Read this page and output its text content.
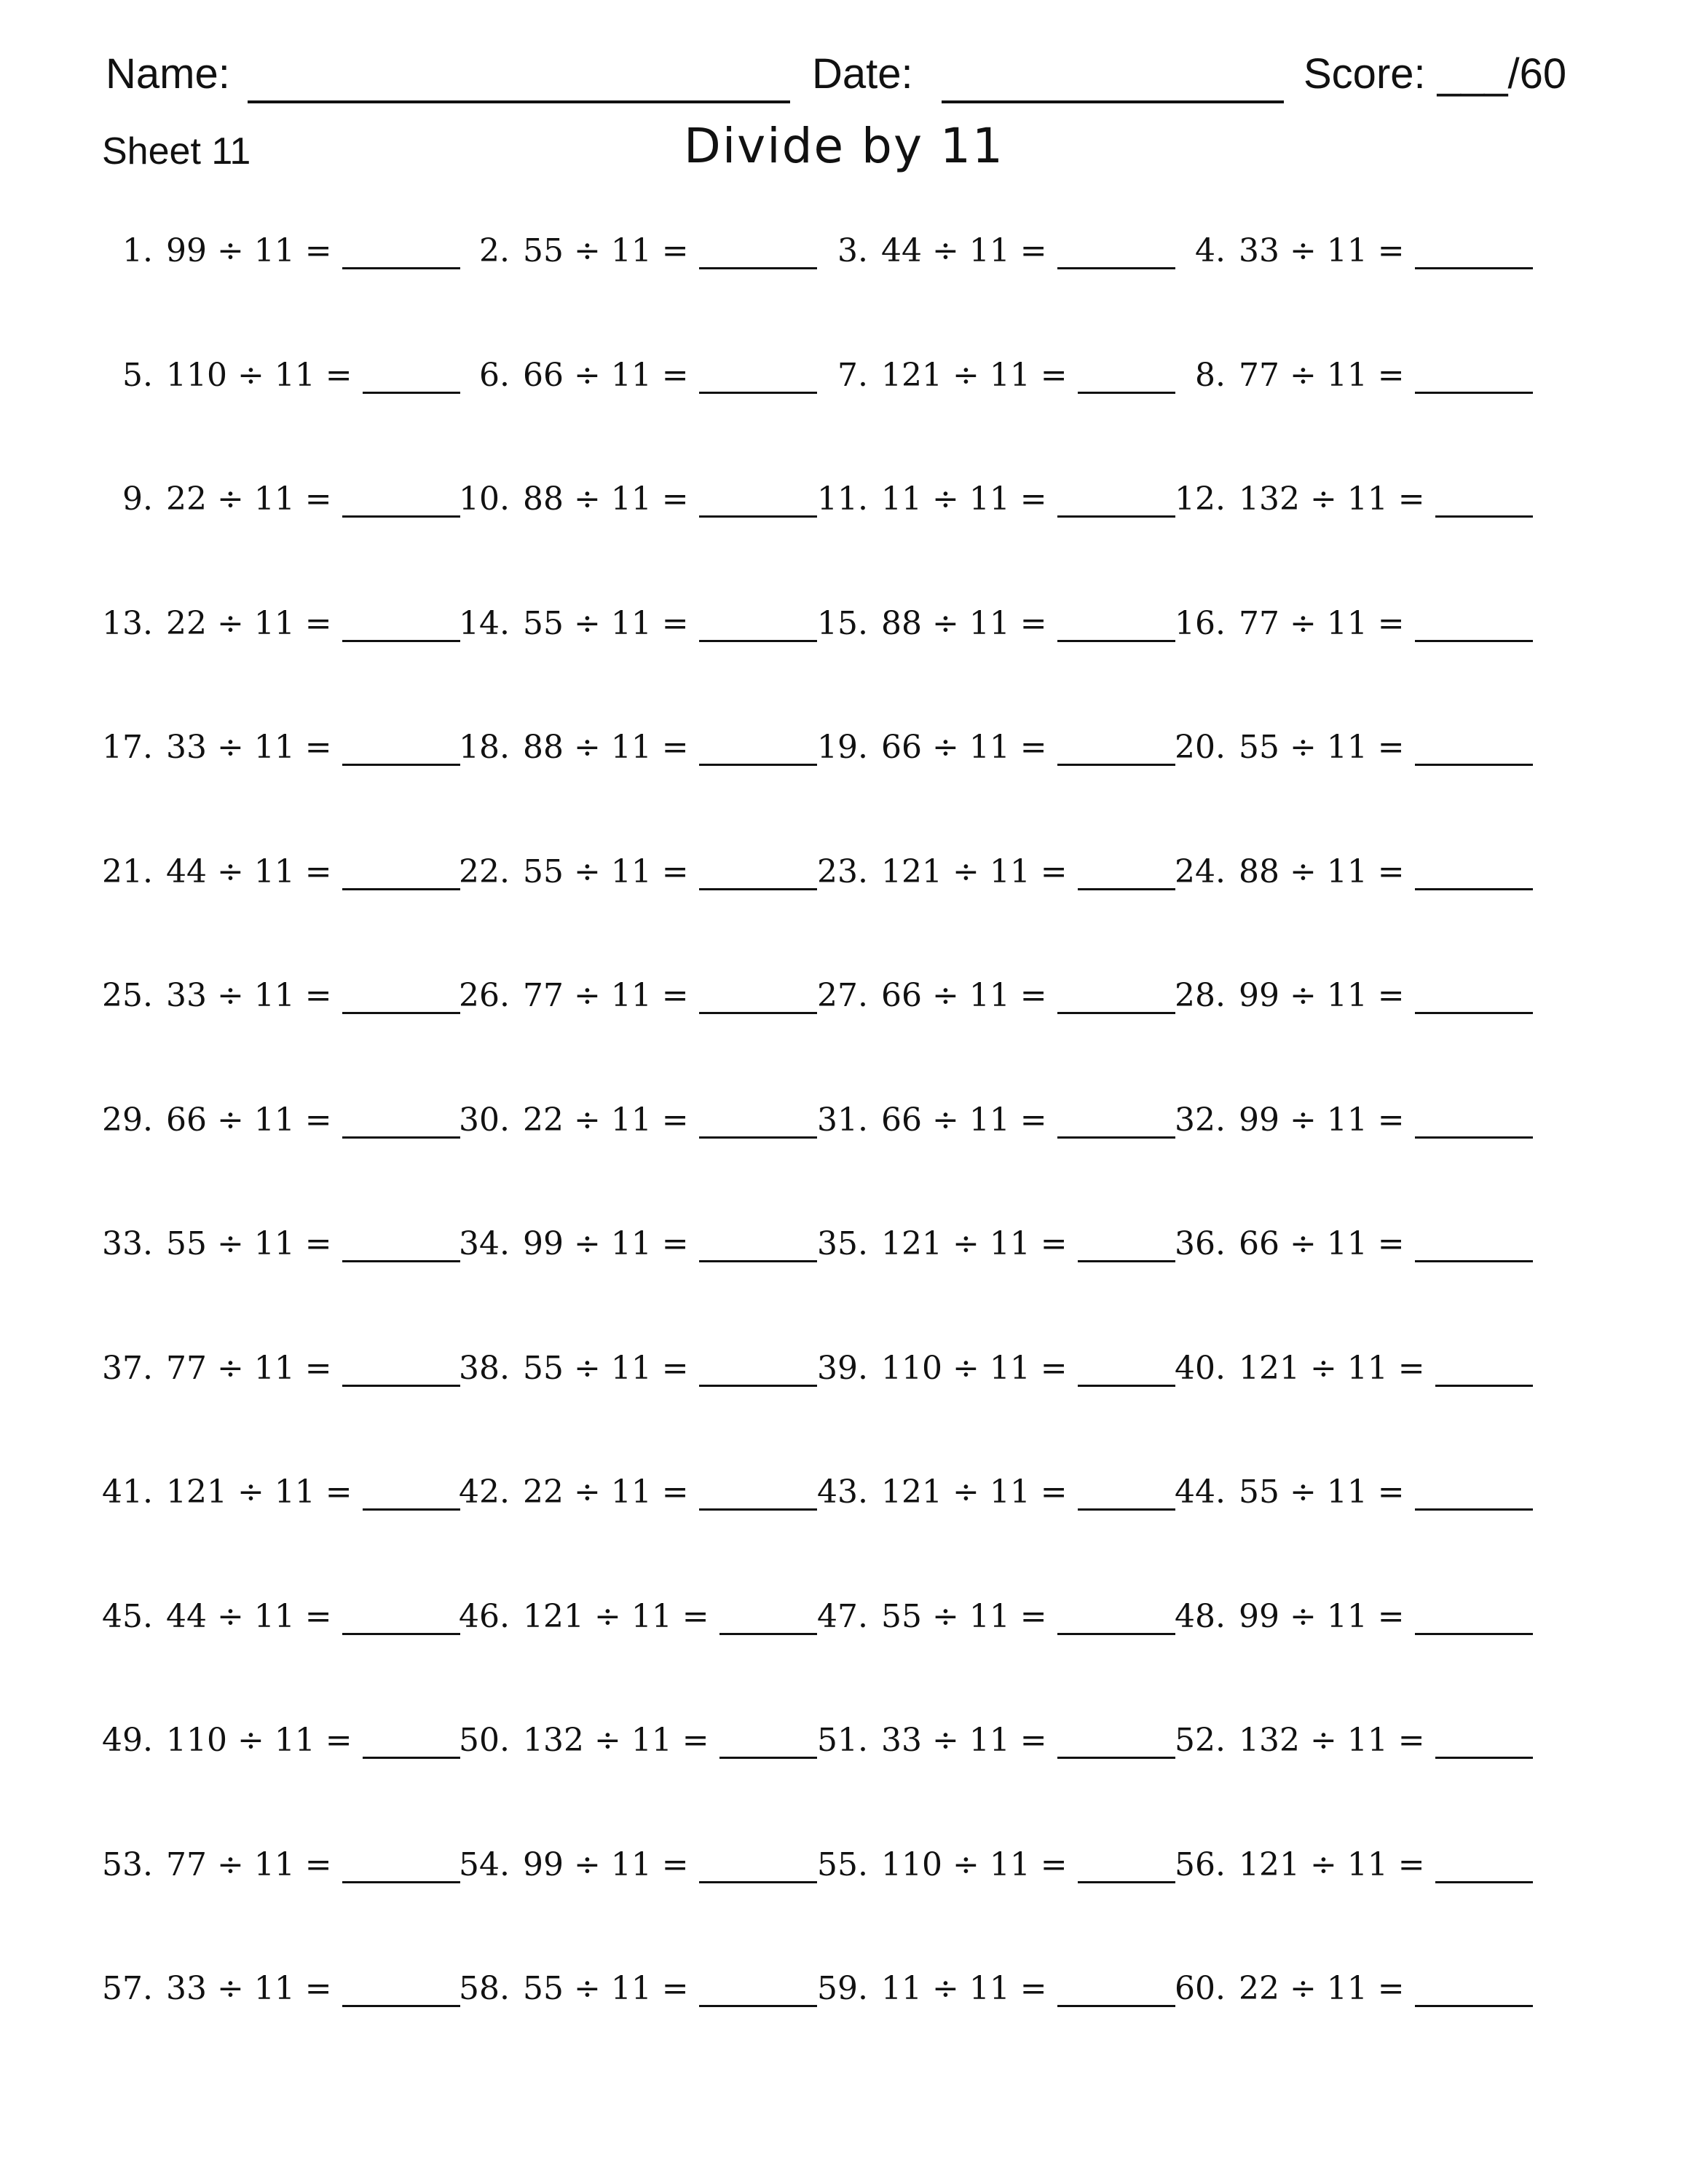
Name:	Date:	Score: ___/60
Sheet 11	Divide by 11
1. 99 ÷ 11 =	2. 55 ÷ 11 =	3. 44 ÷ 11 =	4. 33 ÷ 11 =
5. 110 ÷ 11 =	6. 66 ÷ 11 =	7. 121 ÷ 11 =	8. 77 ÷ 11 =
9. 22 ÷ 11 =	10. 88 ÷ 11 =	11. 11 ÷ 11 =	12. 132 ÷ 11 =
13. 22 ÷ 11 =	14. 55 ÷ 11 =	15. 88 ÷ 11 =	16. 77 ÷ 11 =
17. 33 ÷ 11 =	18. 88 ÷ 11 =	19. 66 ÷ 11 =	20. 55 ÷ 11 =
21. 44 ÷ 11 =	22. 55 ÷ 11 =	23. 121 ÷ 11 =	24. 88 ÷ 11 =
25. 33 ÷ 11 =	26. 77 ÷ 11 =	27. 66 ÷ 11 =	28. 99 ÷ 11 =
29. 66 ÷ 11 =	30. 22 ÷ 11 =	31. 66 ÷ 11 =	32. 99 ÷ 11 =
33. 55 ÷ 11 =	34. 99 ÷ 11 =	35. 121 ÷ 11 =	36. 66 ÷ 11 =
37. 77 ÷ 11 =	38. 55 ÷ 11 =	39. 110 ÷ 11 =	40. 121 ÷ 11 =
41. 121 ÷ 11 =	42. 22 ÷ 11 =	43. 121 ÷ 11 =	44. 55 ÷ 11 =
45. 44 ÷ 11 =	46. 121 ÷ 11 =	47. 55 ÷ 11 =	48. 99 ÷ 11 =
49. 110 ÷ 11 =	50. 132 ÷ 11 =	51. 33 ÷ 11 =	52. 132 ÷ 11 =
53. 77 ÷ 11 =	54. 99 ÷ 11 =	55. 110 ÷ 11 =	56. 121 ÷ 11 =
57. 33 ÷ 11 =	58. 55 ÷ 11 =	59. 11 ÷ 11 =	60. 22 ÷ 11 =
